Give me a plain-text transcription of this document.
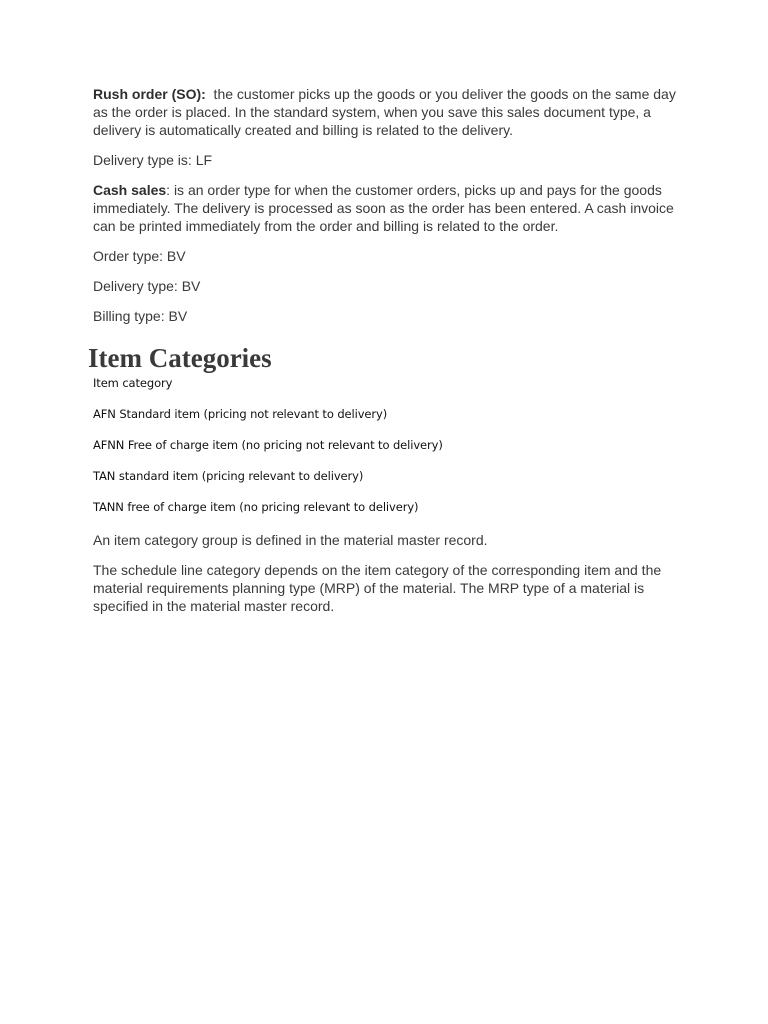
Rush order (SO):  the customer picks up the goods or you deliver the goods on the same day as the order is placed. In the standard system, when you save this sales document type, a delivery is automatically created and billing is related to the delivery.

Delivery type is: LF

Cash sales: is an order type for when the customer orders, picks up and pays for the goods immediately. The delivery is processed as soon as the order has been entered. A cash invoice can be printed immediately from the order and billing is related to the order.

Order type: BV

Delivery type: BV

Billing type: BV

Item Categories
Item category
AFN Standard item (pricing not relevant to delivery)
AFNN Free of charge item (no pricing not relevant to delivery)
TAN standard item (pricing relevant to delivery)
TANN free of charge item (no pricing relevant to delivery)

An item category group is defined in the material master record.

The schedule line category depends on the item category of the corresponding item and the material requirements planning type (MRP) of the material. The MRP type of a material is specified in the material master record.
